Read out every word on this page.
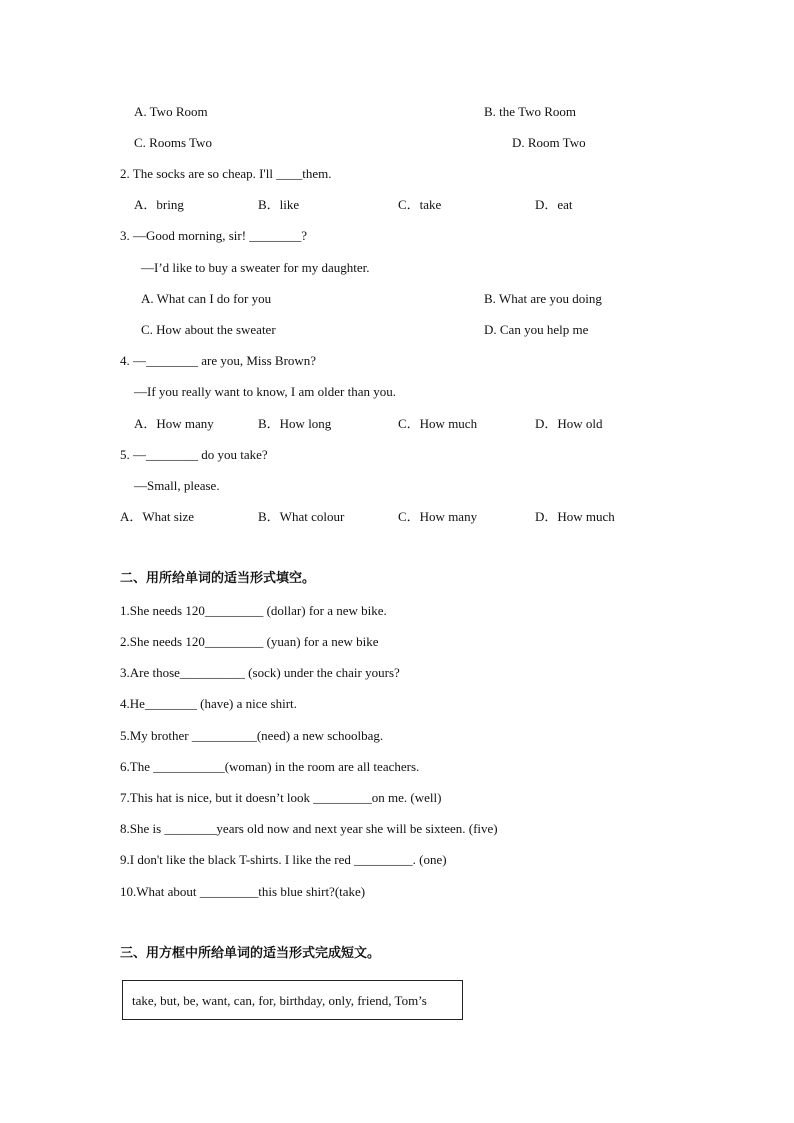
A. Two Room	B. the Two Room
C. Rooms Two	D. Room Two
2. The socks are so cheap. I'll ____them.
A．bring	B．like	C．take	D．eat
3. —Good morning, sir! ________?
—I’d like to buy a sweater for my daughter.
A. What can I do for you	B. What are you doing
C. How about the sweater	D. Can you help me
4. —________ are you, Miss Brown?
—If you really want to know, I am older than you.
A．How many	B．How long	C．How much	D．How old
5. —________ do you take?
—Small, please.
A．What size	B．What colour	C．How many	D．How much
二、用所给单词的适当形式填空。
1.She needs 120_________ (dollar) for a new bike.
2.She needs 120_________ (yuan) for a new bike
3.Are those__________ (sock) under the chair yours?
4.He________ (have) a nice shirt.
5.My brother __________(need) a new schoolbag.
6.The ___________(woman) in the room are all teachers.
7.This hat is nice, but it doesn’t look _________on me. (well)
8.She is ________years old now and next year she will be sixteen. (five)
9.I don't like the black T-shirts. I like the red _________. (one)
10.What about _________this blue shirt?(take)
三、用方框中所给单词的适当形式完成短文。
take, but, be, want, can, for, birthday, only, friend, Tom’s
